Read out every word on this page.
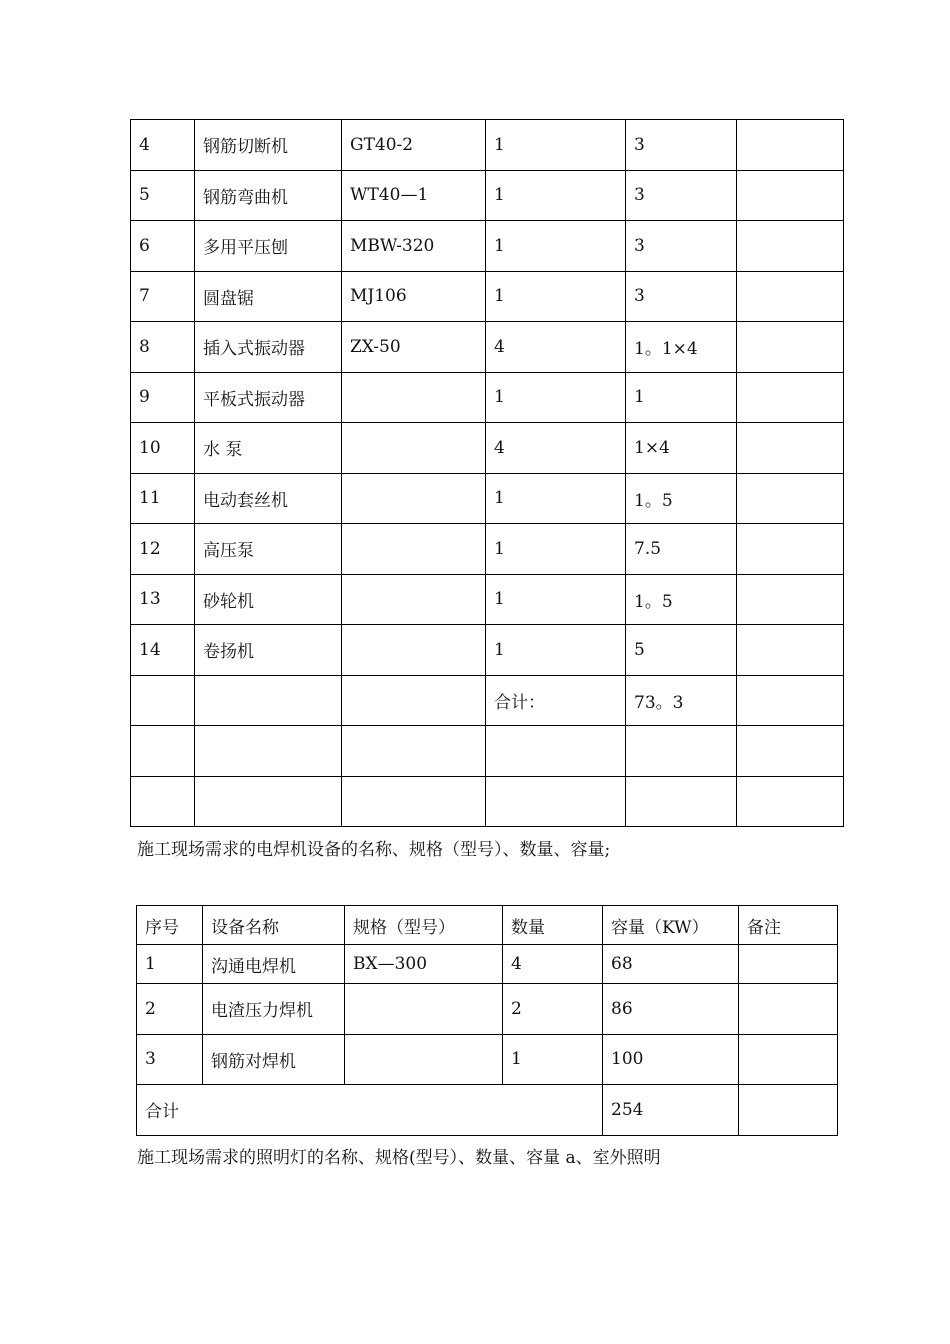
4	钢筋切断机	GT40-2	1	3	
5	钢筋弯曲机	WT40—1	1	3	
6	多用平压刨	MBW-320	1	3	
7	圆盘锯	MJ106	1	3	
8	插入式振动器	ZX-50	4	1。1×4	
9	平板式振动器		1	1	
10	水 泵		4	1×4	
11	电动套丝机		1	1。5	
12	高压泵		1	7.5	
13	砂轮机		1	1。5	
14	卷扬机		1	5	
			合计：	73。3	

施工现场需求的电焊机设备的名称、规格（型号）、数量、容量;
序号	设备名称	规格（型号）	数量	容量（KW）	备注
1	沟通电焊机	BX—300	4	68	
2	电渣压力焊机		2	86	
3	钢筋对焊机		1	100	
合计				254	
施工现场需求的照明灯的名称、规格(型号）、数量、容量 a、室外照明
